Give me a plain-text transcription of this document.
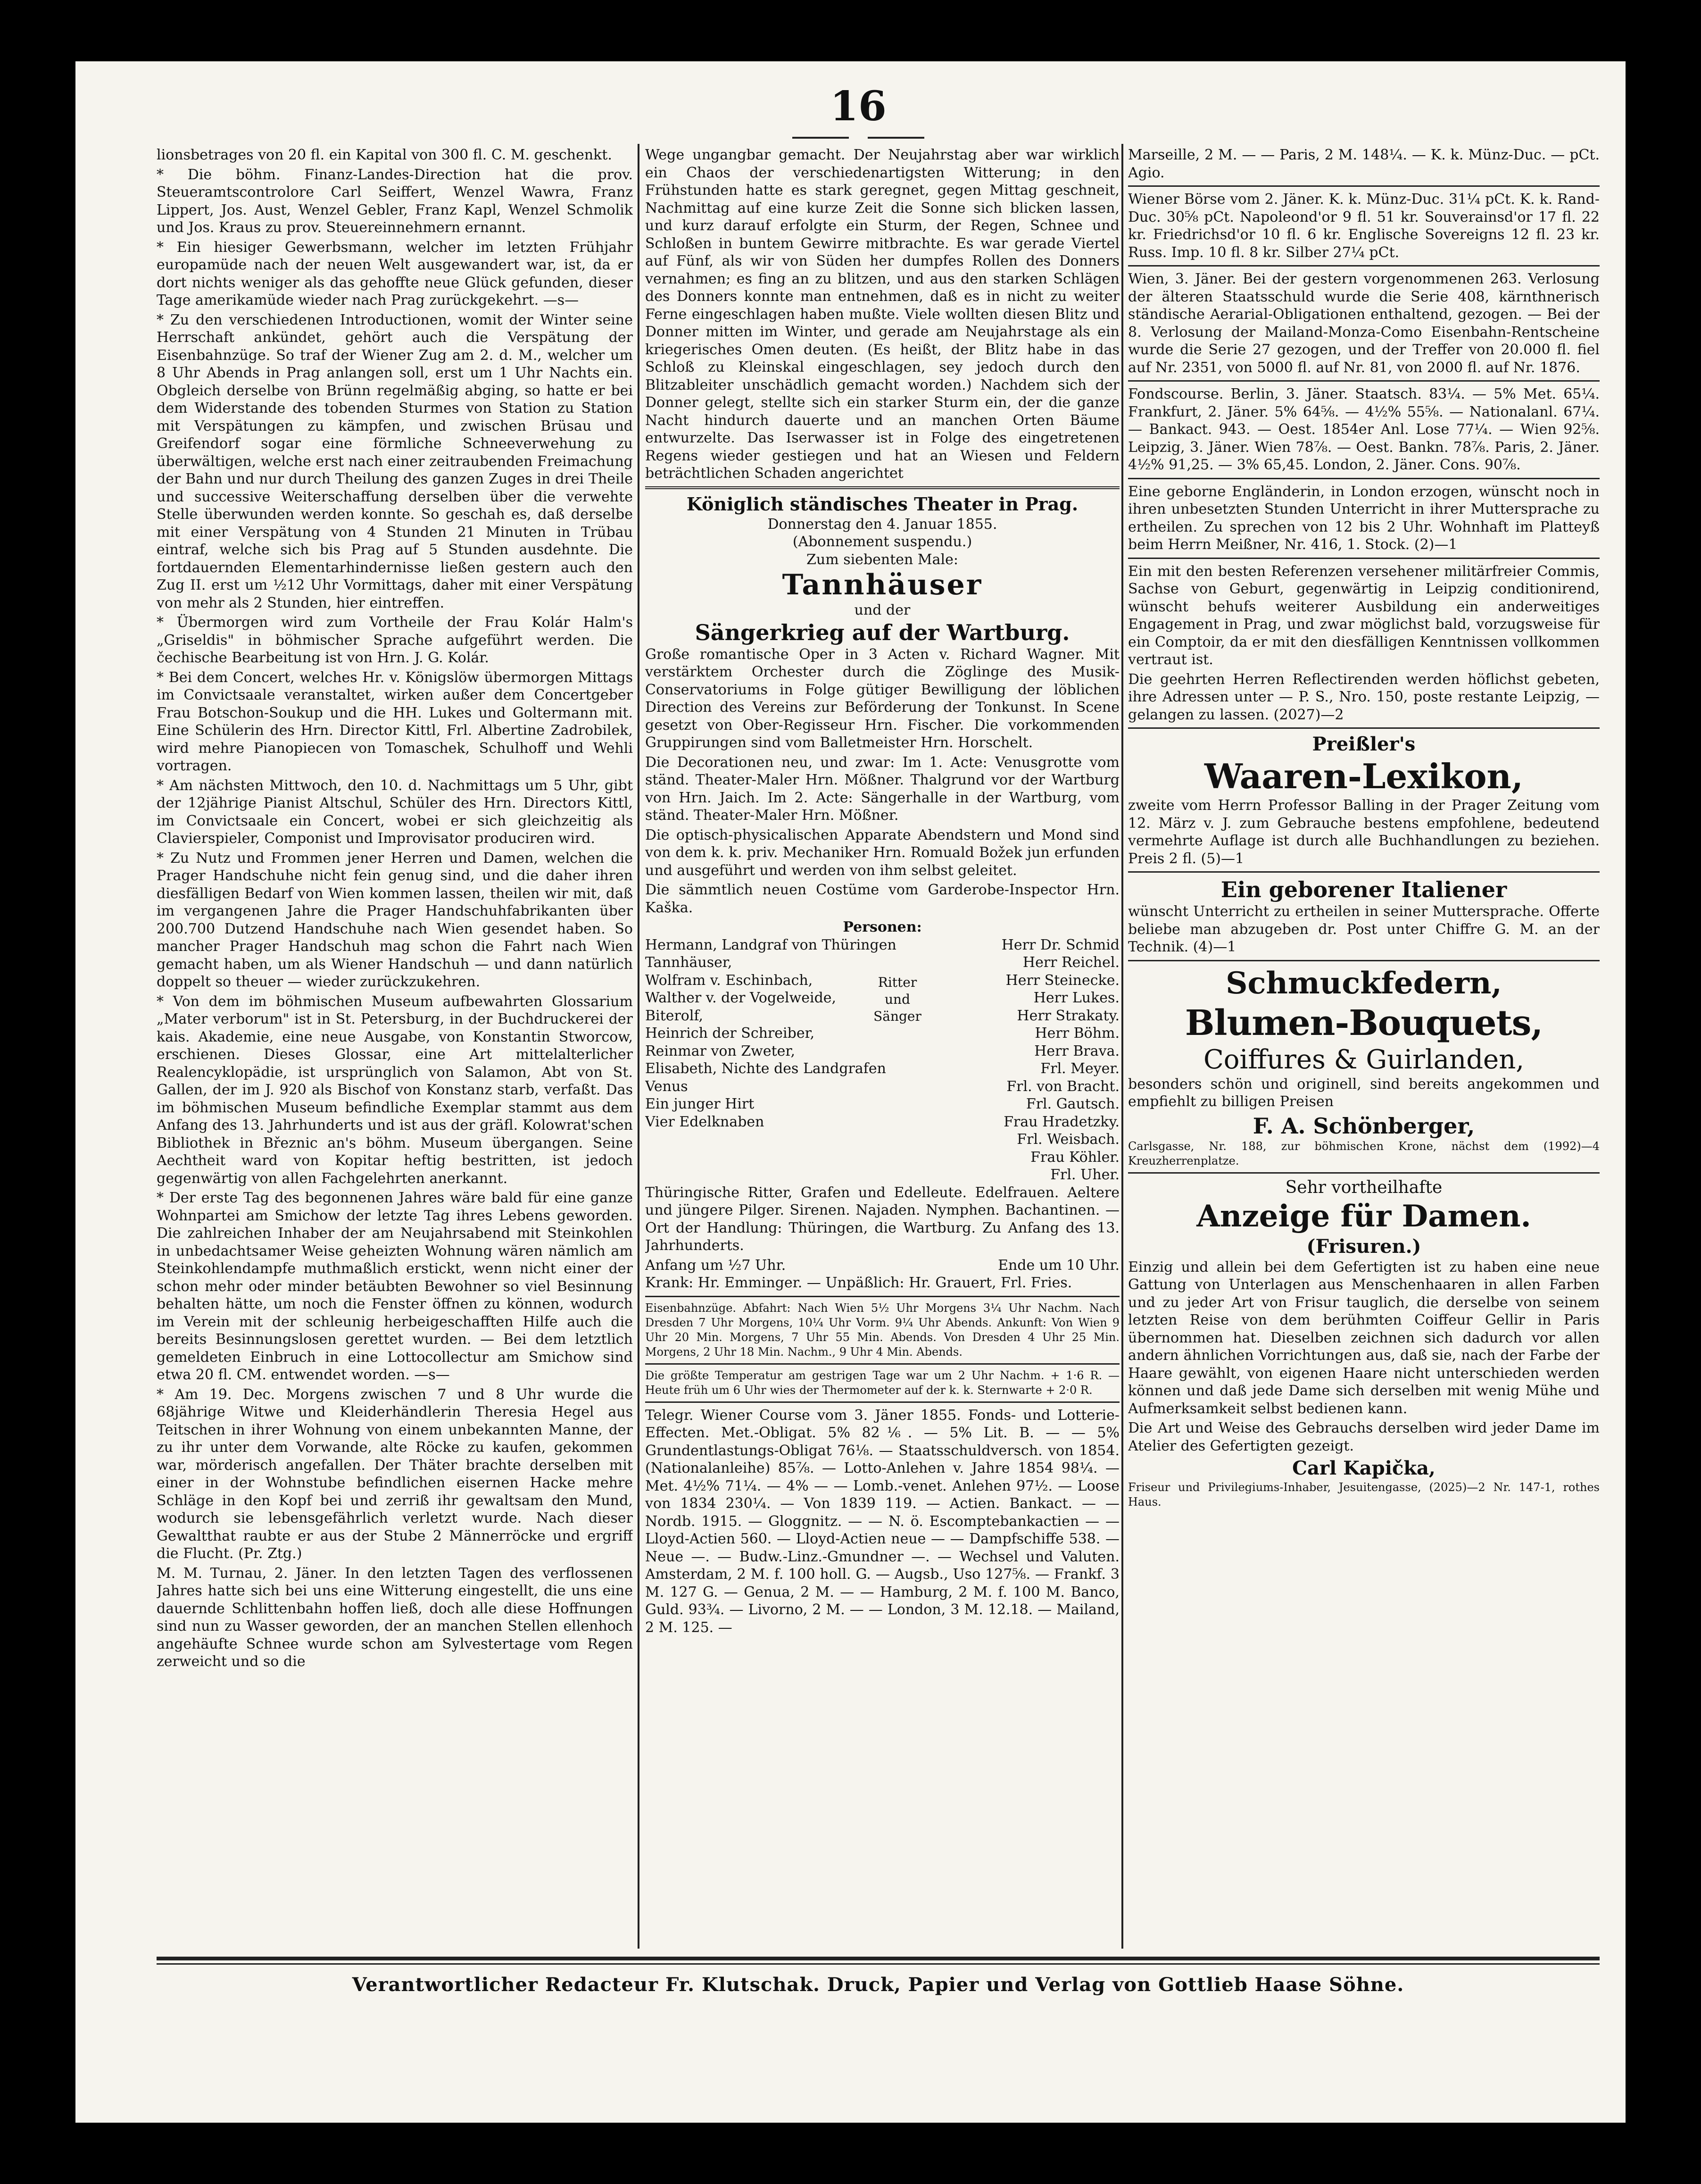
16

lionsbetrages von 20 fl. ein Kapital von 300 fl. C. M. geschenkt.

* Die böhm. Finanz-Landes-Direction hat die prov. Steueramtscontrolore Carl Seiffert, Wenzel Wawra, Franz Lippert, Jos. Aust, Wenzel Gebler, Franz Kapl, Wenzel Schmolik und Jos. Kraus zu prov. Steuereinnehmern ernannt.

* Ein hiesiger Gewerbsmann, welcher im letzten Frühjahr europamüde nach der neuen Welt ausgewandert war, ist, da er dort nichts weniger als das gehoffte neue Glück gefunden, dieser Tage amerikamüde wieder nach Prag zurückgekehrt. —s—

* Zu den verschiedenen Introductionen, womit der Winter seine Herrschaft ankündet, gehört auch die Verspätung der Eisenbahnzüge. So traf der Wiener Zug am 2. d. M., welcher um 8 Uhr Abends in Prag anlangen soll, erst um 1 Uhr Nachts ein. Obgleich derselbe von Brünn regelmäßig abging, so hatte er bei dem Widerstande des tobenden Sturmes von Station zu Station mit Verspätungen zu kämpfen, und zwischen Brüsau und Greifendorf sogar eine förmliche Schneeverwehung zu überwältigen, welche erst nach einer zeitraubenden Freimachung der Bahn und nur durch Theilung des ganzen Zuges in drei Theile und successive Weiterschaffung derselben über die verwehte Stelle überwunden werden konnte. So geschah es, daß derselbe mit einer Verspätung von 4 Stunden 21 Minuten in Trübau eintraf, welche sich bis Prag auf 5 Stunden ausdehnte. Die fortdauernden Elementarhindernisse ließen gestern auch den Zug II. erst um ½12 Uhr Vormittags, daher mit einer Verspätung von mehr als 2 Stunden, hier eintreffen.

* Übermorgen wird zum Vortheile der Frau Kolár Halm's „Griseldis" in böhmischer Sprache aufgeführt werden. Die čechische Bearbeitung ist von Hrn. J. G. Kolár.

* Bei dem Concert, welches Hr. v. Königslöw übermorgen Mittags im Convictsaale veranstaltet, wirken außer dem Concertgeber Frau Botschon-Soukup und die HH. Lukes und Goltermann mit. Eine Schülerin des Hrn. Director Kittl, Frl. Albertine Zadrobilek, wird mehre Pianopiecen von Tomaschek, Schulhoff und Wehli vortragen.

* Am nächsten Mittwoch, den 10. d. Nachmittags um 5 Uhr, gibt der 12jährige Pianist Altschul, Schüler des Hrn. Directors Kittl, im Convictsaale ein Concert, wobei er sich gleichzeitig als Clavierspieler, Componist und Improvisator produciren wird.

* Zu Nutz und Frommen jener Herren und Damen, welchen die Prager Handschuhe nicht fein genug sind, und die daher ihren diesfälligen Bedarf von Wien kommen lassen, theilen wir mit, daß im vergangenen Jahre die Prager Handschuhfabrikanten über 200.700 Dutzend Handschuhe nach Wien gesendet haben. So mancher Prager Handschuh mag schon die Fahrt nach Wien gemacht haben, um als Wiener Handschuh — und dann natürlich doppelt so theuer — wieder zurückzukehren.

* Von dem im böhmischen Museum aufbewahrten Glossarium „Mater verborum" ist in St. Petersburg, in der Buchdruckerei der kais. Akademie, eine neue Ausgabe, von Konstantin Stworcow, erschienen. Dieses Glossar, eine Art mittelalterlicher Realencyklopädie, ist ursprünglich von Salamon, Abt von St. Gallen, der im J. 920 als Bischof von Konstanz starb, verfaßt. Das im böhmischen Museum befindliche Exemplar stammt aus dem Anfang des 13. Jahrhunderts und ist aus der gräfl. Kolowrat'schen Bibliothek in Březnic an's böhm. Museum übergangen. Seine Aechtheit ward von Kopitar heftig bestritten, ist jedoch gegenwärtig von allen Fachgelehrten anerkannt.

* Der erste Tag des begonnenen Jahres wäre bald für eine ganze Wohnpartei am Smichow der letzte Tag ihres Lebens geworden. Die zahlreichen Inhaber der am Neujahrsabend mit Steinkohlen in unbedachtsamer Weise geheizten Wohnung wären nämlich am Steinkohlendampfe muthmaßlich erstickt, wenn nicht einer der schon mehr oder minder betäubten Bewohner so viel Besinnung behalten hätte, um noch die Fenster öffnen zu können, wodurch im Verein mit der schleunig herbeigeschafften Hilfe auch die bereits Besinnungslosen gerettet wurden. — Bei dem letztlich gemeldeten Einbruch in eine Lottocollectur am Smichow sind etwa 20 fl. CM. entwendet worden. —s—

* Am 19. Dec. Morgens zwischen 7 und 8 Uhr wurde die 68jährige Witwe und Kleiderhändlerin Theresia Hegel aus Teitschen in ihrer Wohnung von einem unbekannten Manne, der zu ihr unter dem Vorwande, alte Röcke zu kaufen, gekommen war, mörderisch angefallen. Der Thäter brachte derselben mit einer in der Wohnstube befindlichen eisernen Hacke mehre Schläge in den Kopf bei und zerriß ihr gewaltsam den Mund, wodurch sie lebensgefährlich verletzt wurde. Nach dieser Gewaltthat raubte er aus der Stube 2 Männerröcke und ergriff die Flucht. (Pr. Ztg.)

M. M. Turnau, 2. Jäner. In den letzten Tagen des verflossenen Jahres hatte sich bei uns eine Witterung eingestellt, die uns eine dauernde Schlittenbahn hoffen ließ, doch alle diese Hoffnungen sind nun zu Wasser geworden, der an manchen Stellen ellenhoch angehäufte Schnee wurde schon am Sylvestertage vom Regen zerweicht und so die

Wege ungangbar gemacht. Der Neujahrstag aber war wirklich ein Chaos der verschiedenartigsten Witterung; in den Frühstunden hatte es stark geregnet, gegen Mittag geschneit, Nachmittag auf eine kurze Zeit die Sonne sich blicken lassen, und kurz darauf erfolgte ein Sturm, der Regen, Schnee und Schloßen in buntem Gewirre mitbrachte. Es war gerade Viertel auf Fünf, als wir von Süden her dumpfes Rollen des Donners vernahmen; es fing an zu blitzen, und aus den starken Schlägen des Donners konnte man entnehmen, daß es in nicht zu weiter Ferne eingeschlagen haben mußte. Viele wollten diesen Blitz und Donner mitten im Winter, und gerade am Neujahrstage als ein kriegerisches Omen deuten. (Es heißt, der Blitz habe in das Schloß zu Kleinskal eingeschlagen, sey jedoch durch den Blitzableiter unschädlich gemacht worden.) Nachdem sich der Donner gelegt, stellte sich ein starker Sturm ein, der die ganze Nacht hindurch dauerte und an manchen Orten Bäume entwurzelte. Das Iserwasser ist in Folge des eingetretenen Regens wieder gestiegen und hat an Wiesen und Feldern beträchtlichen Schaden angerichtet

Königlich ständisches Theater in Prag.
Donnerstag den 4. Januar 1855.
(Abonnement suspendu.)
Zum siebenten Male:
Tannhäuser
und der
Sängerkrieg auf der Wartburg.

Große romantische Oper in 3 Acten v. Richard Wagner. Mit verstärktem Orchester durch die Zöglinge des Musik-Conservatoriums in Folge gütiger Bewilligung der löblichen Direction des Vereins zur Beförderung der Tonkunst. In Scene gesetzt von Ober-Regisseur Hrn. Fischer. Die vorkommenden Gruppirungen sind vom Balletmeister Hrn. Horschelt.

Die Decorationen neu, und zwar: Im 1. Acte: Venusgrotte vom ständ. Theater-Maler Hrn. Mößner. Thalgrund vor der Wartburg von Hrn. Jaich. Im 2. Acte: Sängerhalle in der Wartburg, vom ständ. Theater-Maler Hrn. Mößner.

Die optisch-physicalischen Apparate Abendstern und Mond sind von dem k. k. priv. Mechaniker Hrn. Romuald Božek jun erfunden und ausgeführt und werden von ihm selbst geleitet.

Die sämmtlich neuen Costüme vom Garderobe-Inspector Hrn. Kaška.

Personen:
Hermann, Landgraf von Thüringen	Herr Dr. Schmid
Tannhäuser,	Herr Reichel.
Wolfram v. Eschinbach,	Herr Steinecke.
Walther v. der Vogelweide,	Herr Lukes.
Biterolf,	Herr Strakaty.
Heinrich der Schreiber,	Herr Böhm.
Reinmar von Zweter,	Herr Brava.
Elisabeth, Nichte des Landgrafen	Frl. Meyer.
Venus	Frl. von Bracht.
Ein junger Hirt	Frl. Gautsch.
Vier Edelknaben	Frau Hradetzky.
Frl. Weisbach.
Frau Köhler.
Frl. Uher.
Ritter und Sänger

Thüringische Ritter, Grafen und Edelleute. Edelfrauen. Aeltere und jüngere Pilger. Sirenen. Najaden. Nymphen. Bachantinen. — Ort der Handlung: Thüringen, die Wartburg. Zu Anfang des 13. Jahrhunderts.

Anfang um ½7 Uhr.	Ende um 10 Uhr.

Krank: Hr. Emminger. — Unpäßlich: Hr. Grauert, Frl. Fries.

Eisenbahnzüge. Abfahrt: Nach Wien 5½ Uhr Morgens 3¼ Uhr Nachm. Nach Dresden 7 Uhr Morgens, 10¼ Uhr Vorm. 9¼ Uhr Abends. Ankunft: Von Wien 9 Uhr 20 Min. Morgens, 7 Uhr 55 Min. Abends. Von Dresden 4 Uhr 25 Min. Morgens, 2 Uhr 18 Min. Nachm., 9 Uhr 4 Min. Abends.

Die größte Temperatur am gestrigen Tage war um 2 Uhr Nachm. + 1·6 R. — Heute früh um 6 Uhr wies der Thermometer auf der k. k. Sternwarte + 2·0 R.

Telegr. Wiener Course vom 3. Jäner 1855. Fonds- und Lotterie-Effecten. Met.-Obligat. 5% 82⅙. — 5% Lit. B. — — 5% Grundentlastungs-Obligat 76⅛. — Staatsschuldversch. von 1854. (Nationalanleihe) 85⅞. — Lotto-Anlehen v. Jahre 1854 98¼. — Met. 4½% 71¼. — 4% — — Lomb.-venet. Anlehen 97½. — Loose von 1834 230¼. — Von 1839 119. — Actien. Bankact. — — Nordb. 1915. — Gloggnitz. — — N. ö. Escomptebankactien — — Lloyd-Actien 560. — Lloyd-Actien neue — — Dampfschiffe 538. — Neue —. — Budw.-Linz.-Gmundner —. — Wechsel und Valuten. Amsterdam, 2 M. f. 100 holl. G. — Augsb., Uso 127⅝. — Frankf. 3 M. 127 G. — Genua, 2 M. — — Hamburg, 2 M. f. 100 M. Banco, Guld. 93¾. — Livorno, 2 M. — — London, 3 M. 12.18. — Mailand, 2 M. 125. —

Marseille, 2 M. — — Paris, 2 M. 148¼. — K. k. Münz-Duc. — pCt. Agio.

Wiener Börse vom 2. Jäner. K. k. Münz-Duc. 31¼ pCt. K. k. Rand-Duc. 30⅝ pCt. Napoleond'or 9 fl. 51 kr. Souverainsd'or 17 fl. 22 kr. Friedrichsd'or 10 fl. 6 kr. Englische Sovereigns 12 fl. 23 kr. Russ. Imp. 10 fl. 8 kr. Silber 27¼ pCt.

Wien, 3. Jäner. Bei der gestern vorgenommenen 263. Verlosung der älteren Staatsschuld wurde die Serie 408, kärnthnerisch ständische Aerarial-Obligationen enthaltend, gezogen. — Bei der 8. Verlosung der Mailand-Monza-Como Eisenbahn-Rentscheine wurde die Serie 27 gezogen, und der Treffer von 20.000 fl. fiel auf Nr. 2351, von 5000 fl. auf Nr. 81, von 2000 fl. auf Nr. 1876.

Fondscourse. Berlin, 3. Jäner. Staatsch. 83¼. — 5% Met. 65¼. Frankfurt, 2. Jäner. 5% 64⅝. — 4½% 55⅝. — Nationalanl. 67¼. — Bankact. 943. — Oest. 1854er Anl. Lose 77¼. — Wien 92⅝. Leipzig, 3. Jäner. Wien 78⅞. — Oest. Bankn. 78⅞. Paris, 2. Jäner. 4½% 91,25. — 3% 65,45. London, 2. Jäner. Cons. 90⅞.

Eine geborne Engländerin, in London erzogen, wünscht noch in ihren unbesetzten Stunden Unterricht in ihrer Muttersprache zu ertheilen. Zu sprechen von 12 bis 2 Uhr. Wohnhaft im Platteyß beim Herrn Meißner, Nr. 416, 1. Stock. (2)—1

Ein mit den besten Referenzen versehener militärfreier Commis, Sachse von Geburt, gegenwärtig in Leipzig conditionirend, wünscht behufs weiterer Ausbildung ein anderweitiges Engagement in Prag, und zwar möglichst bald, vorzugsweise für ein Comptoir, da er mit den diesfälligen Kenntnissen vollkommen vertraut ist.

Die geehrten Herren Reflectirenden werden höflichst gebeten, ihre Adressen unter — P. S., Nro. 150, poste restante Leipzig, — gelangen zu lassen. (2027)—2

Preißler's
Waaren-Lexikon,

zweite vom Herrn Professor Balling in der Prager Zeitung vom 12. März v. J. zum Gebrauche bestens empfohlene, bedeutend vermehrte Auflage ist durch alle Buchhandlungen zu beziehen. Preis 2 fl. (5)—1

Ein geborener Italiener

wünscht Unterricht zu ertheilen in seiner Muttersprache. Offerte beliebe man abzugeben dr. Post unter Chiffre G. M. an der Technik. (4)—1

Schmuckfedern,
Blumen-Bouquets,
Coiffures & Guirlanden,

besonders schön und originell, sind bereits angekommen und empfiehlt zu billigen Preisen

F. A. Schönberger,

Carlsgasse, Nr. 188, zur böhmischen Krone, nächst dem (1992)—4 Kreuzherrenplatze.

Sehr vortheilhafte
Anzeige für Damen.
(Frisuren.)

Einzig und allein bei dem Gefertigten ist zu haben eine neue Gattung von Unterlagen aus Menschenhaaren in allen Farben und zu jeder Art von Frisur tauglich, die derselbe von seinem letzten Reise von dem berühmten Coiffeur Gellir in Paris übernommen hat. Dieselben zeichnen sich dadurch vor allen andern ähnlichen Vorrichtungen aus, daß sie, nach der Farbe der Haare gewählt, von eigenen Haare nicht unterschieden werden können und daß jede Dame sich derselben mit wenig Mühe und Aufmerksamkeit selbst bedienen kann.

Die Art und Weise des Gebrauchs derselben wird jeder Dame im Atelier des Gefertigten gezeigt.

Carl Kapička,

Friseur und Privilegiums-Inhaber, Jesuitengasse, (2025)—2 Nr. 147-1, rothes Haus.

Verantwortlicher Redacteur Fr. Klutschak. Druck, Papier und Verlag von Gottlieb Haase Söhne.
